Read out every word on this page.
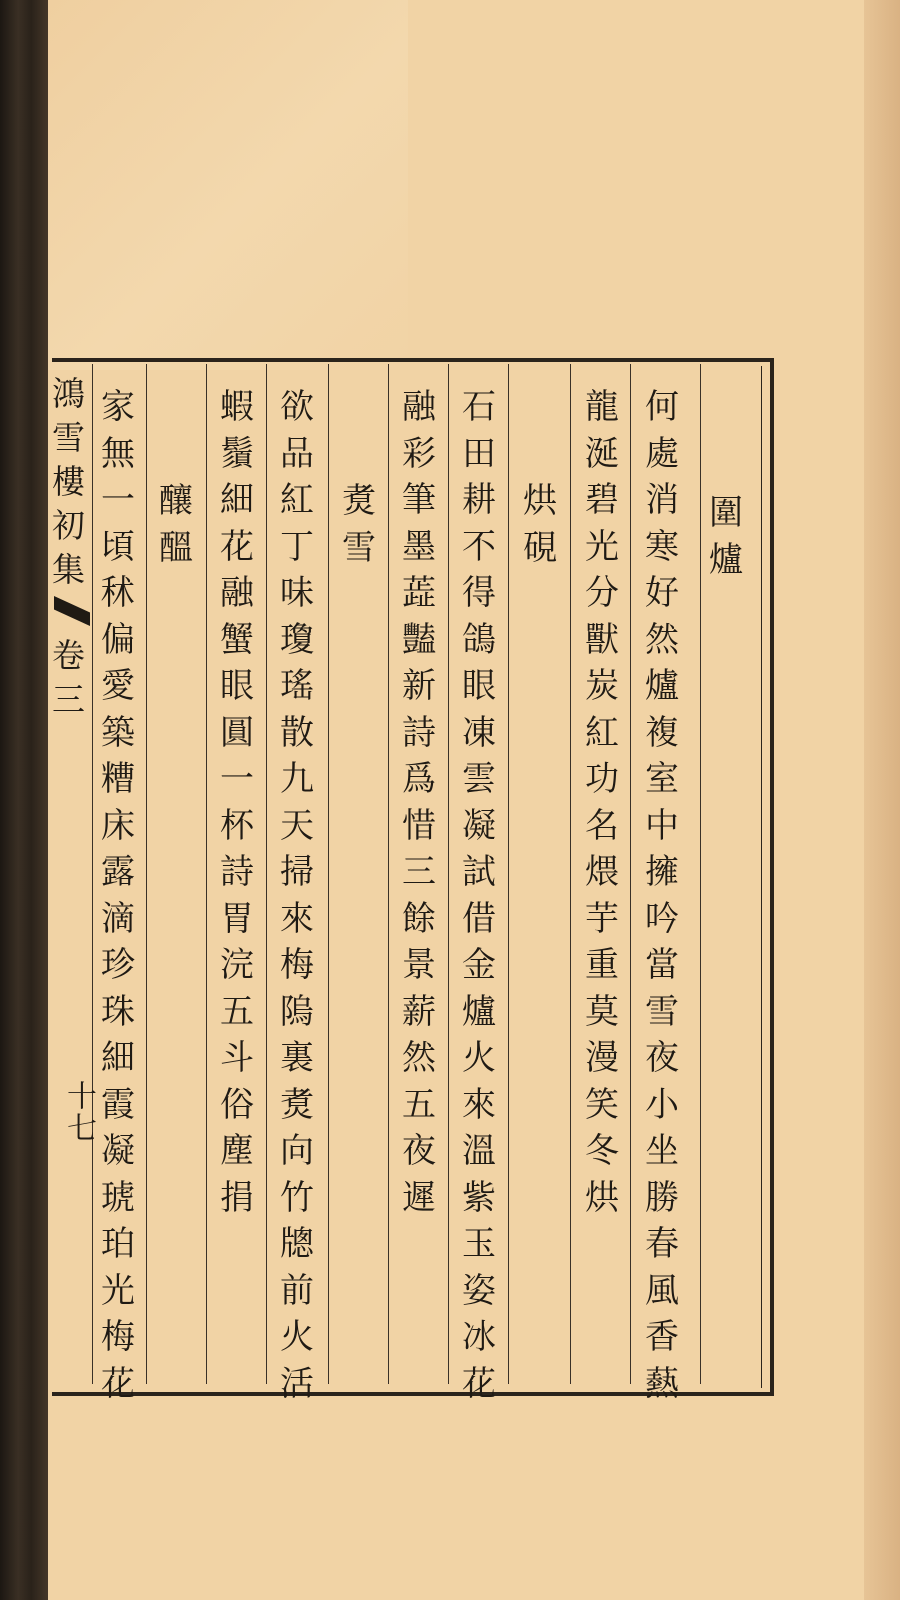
鴻雪樓初集
卷三
十七
圍
爐
何
處
消
寒
好
然
爐
複
室
中
擁
吟
當
雪
夜
小
坐
勝
春
風
香
爇
龍
涎
碧
光
分
獸
炭
紅
功
名
煨
芋
重
莫
漫
笑
冬
烘
烘
硯
石
田
耕
不
得
鴿
眼
凍
雲
凝
試
借
金
爐
火
來
溫
紫
玉
姿
冰
花
融
彩
筆
墨
蕋
豔
新
詩
爲
惜
三
餘
景
薪
然
五
夜
遲
煑
雪
欲
品
紅
丁
味
瓊
瑤
散
九
天
掃
來
梅
隖
裏
煑
向
竹
牕
前
火
活
蝦
鬚
細
花
融
蟹
眼
圓
一
杯
詩
胃
浣
五
斗
俗
塵
捐
釀
醞
家
無
一
頃
秫
偏
愛
築
糟
床
露
滴
珍
珠
細
霞
凝
琥
珀
光
梅
花
